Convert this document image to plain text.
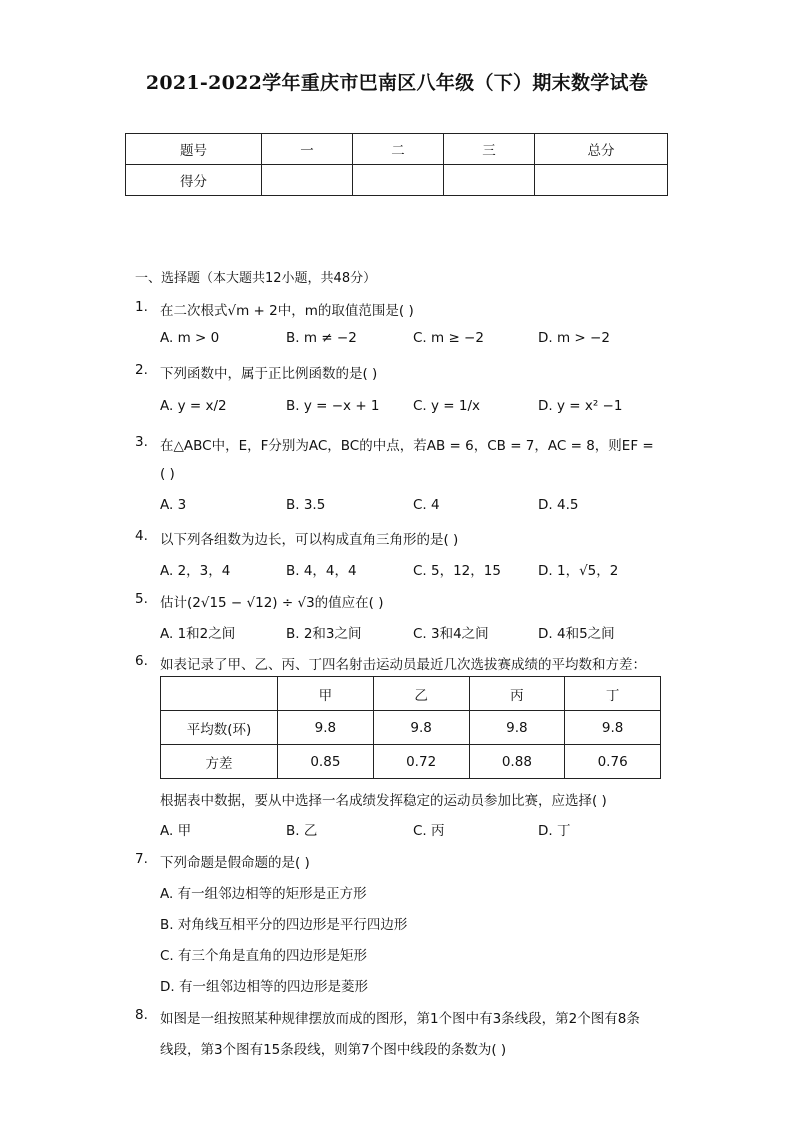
2021-2022学年重庆市巴南区八年级（下）期末数学试卷
题号	一	二	三	总分
得分				
一、选择题（本大题共12小题，共48分）
1. 在二次根式√m + 2中，m的取值范围是( )
A. m > 0	B. m ≠ −2	C. m ≥ −2	D. m > −2
2. 下列函数中，属于正比例函数的是( )
A. y = x/2	B. y = −x + 1 C. y = 1/x	D. y = x² −1
3. 在△ABC中，E，F分别为AC，BC的中点，若AB = 6，CB = 7，AC = 8，则EF =
( )
A. 3	B. 3.5	C. 4	D. 4.5
4. 以下列各组数为边长，可以构成直角三角形的是( )
A. 2，3，4	B. 4，4，4	C. 5，12，15	D. 1，√5，2
5. 估计(2√15 − √12) ÷ √3的值应在( )
A. 1和2之间	B. 2和3之间	C. 3和4之间	D. 4和5之间
6. 如表记录了甲、乙、丙、丁四名射击运动员最近几次选拔赛成绩的平均数和方差：
	甲	乙	丙	丁
平均数(环)	9.8	9.8	9.8	9.8
方差	0.85	0.72	0.88	0.76
根据表中数据，要从中选择一名成绩发挥稳定的运动员参加比赛，应选择( )
A. 甲	B. 乙	C. 丙	D. 丁
7. 下列命题是假命题的是( )
A. 有一组邻边相等的矩形是正方形
B. 对角线互相平分的四边形是平行四边形
C. 有三个角是直角的四边形是矩形
D. 有一组邻边相等的四边形是菱形
8. 如图是一组按照某种规律摆放而成的图形，第1个图中有3条线段，第2个图有8条
线段，第3个图有15条段线，则第7个图中线段的条数为( )
